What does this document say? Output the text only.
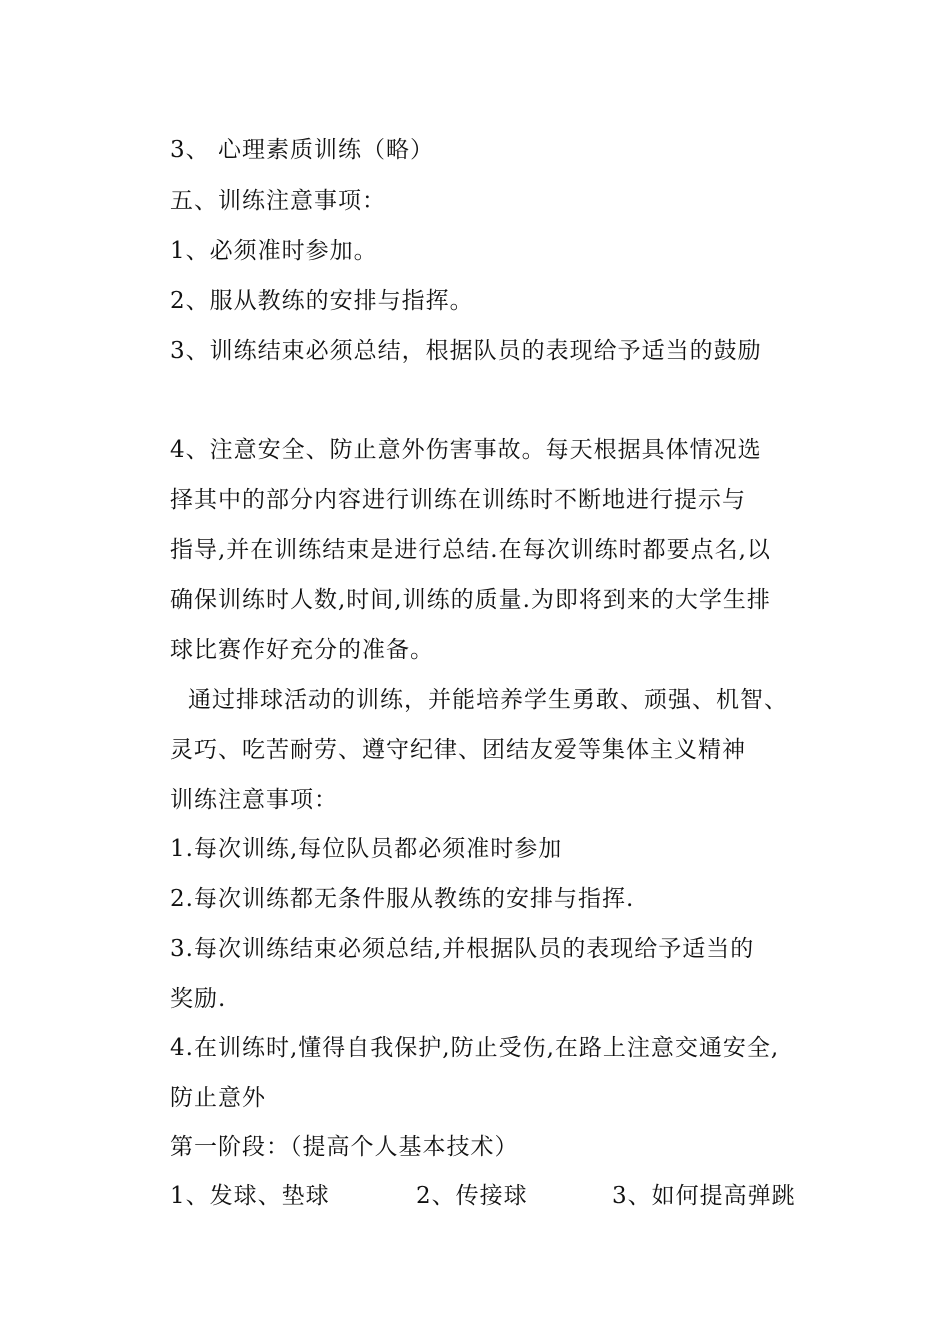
3、 心理素质训练（略）
五、训练注意事项：
1、必须准时参加。
2、服从教练的安排与指挥。
3、训练结束必须总结，根据队员的表现给予适当的鼓励
4、注意安全、防止意外伤害事故。每天根据具体情况选
择其中的部分内容进行训练在训练时不断地进行提示与
指导,并在训练结束是进行总结.在每次训练时都要点名,以
确保训练时人数,时间,训练的质量.为即将到来的大学生排
球比赛作好充分的准备。
通过排球活动的训练，并能培养学生勇敢、顽强、机智、
灵巧、吃苦耐劳、遵守纪律、团结友爱等集体主义精神
训练注意事项：
1.每次训练,每位队员都必须准时参加
2.每次训练都无条件服从教练的安排与指挥.
3.每次训练结束必须总结,并根据队员的表现给予适当的
奖励.
4.在训练时,懂得自我保护,防止受伤,在路上注意交通安全,
防止意外
第一阶段：（提高个人基本技术）
1、发球、垫球	2、传接球	3、如何提高弹跳
